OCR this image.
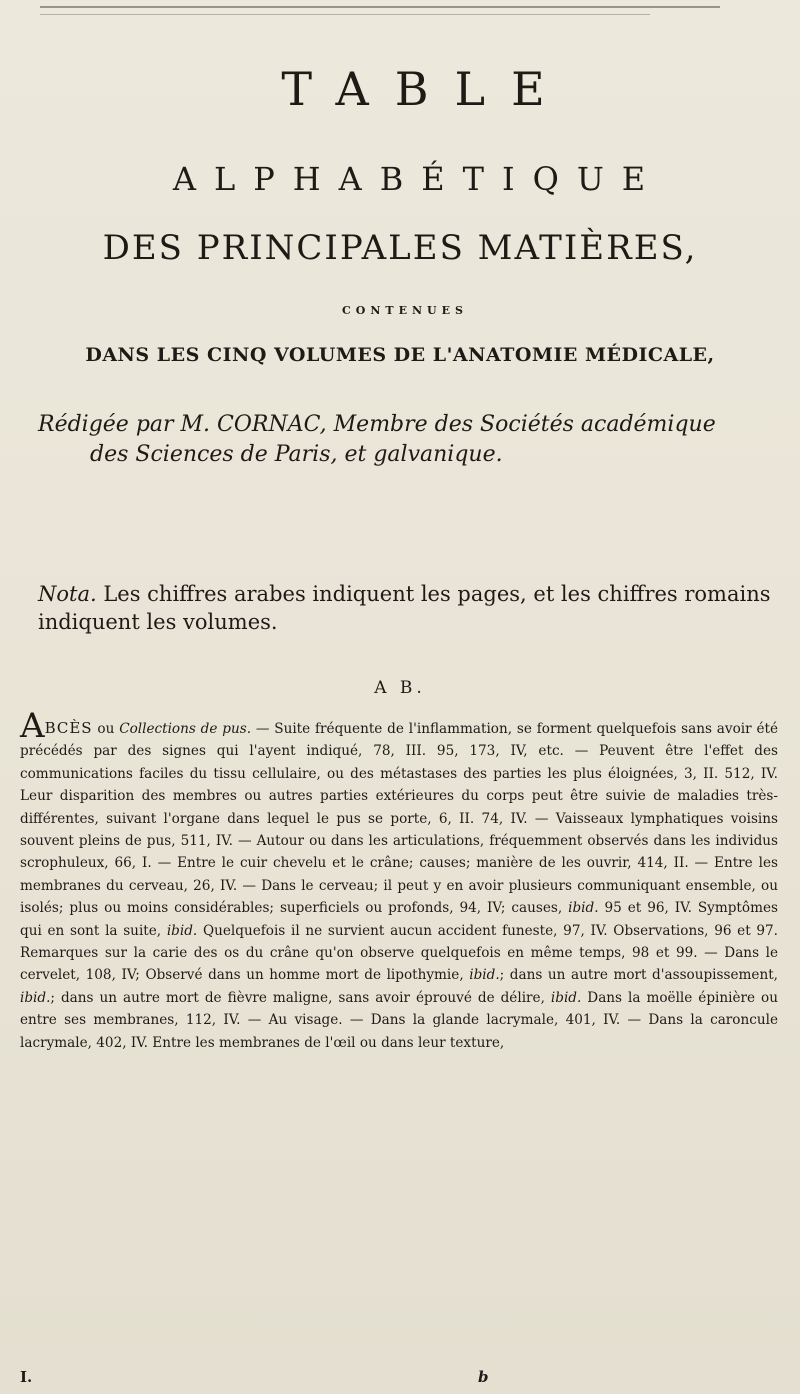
TABLE
ALPHABÉTIQUE
DES PRINCIPALES MATIÈRES,
CONTENUES
DANS LES CINQ VOLUMES DE L'ANATOMIE MÉDICALE,
Rédigée par M. CORNAC, Membre des Sociétés académique
des Sciences de Paris, et galvanique.
Nota. Les chiffres arabes indiquent les pages, et les chiffres romains indiquent les volumes.
A B.
ABCÈS ou Collections de pus. — Suite fréquente de l'inflammation, se forment quelquefois sans avoir été précédés par des signes qui l'ayent indiqué, 78, III. 95, 173, IV, etc. — Peuvent être l'effet des communications faciles du tissu cellulaire, ou des métastases des parties les plus éloignées, 3, II. 512, IV. Leur disparition des membres ou autres parties extérieures du corps peut être suivie de maladies très-différentes, suivant l'organe dans lequel le pus se porte, 6, II. 74, IV. — Vaisseaux lymphatiques voisins souvent pleins de pus, 511, IV. — Autour ou dans les articulations, fréquemment observés dans les individus scrophuleux, 66, I. — Entre le cuir chevelu et le crâne; causes; manière de les ouvrir, 414, II. — Entre les membranes du cerveau, 26, IV. — Dans le cerveau; il peut y en avoir plusieurs communiquant ensemble, ou isolés; plus ou moins considérables; superficiels ou profonds, 94, IV; causes, ibid. 95 et 96, IV. Symptômes qui en sont la suite, ibid. Quelquefois il ne survient aucun accident funeste, 97, IV. Observations, 96 et 97. Remarques sur la carie des os du crâne qu'on observe quelquefois en même temps, 98 et 99. — Dans le cervelet, 108, IV; Observé dans un homme mort de lipothymie, ibid.; dans un autre mort d'assoupissement, ibid.; dans un autre mort de fièvre maligne, sans avoir éprouvé de délire, ibid. Dans la moëlle épinière ou entre ses membranes, 112, IV. — Au visage. — Dans la glande lacrymale, 401, IV. — Dans la caroncule lacrymale, 402, IV. Entre les membranes de l'œil ou dans leur texture,
I.	b
